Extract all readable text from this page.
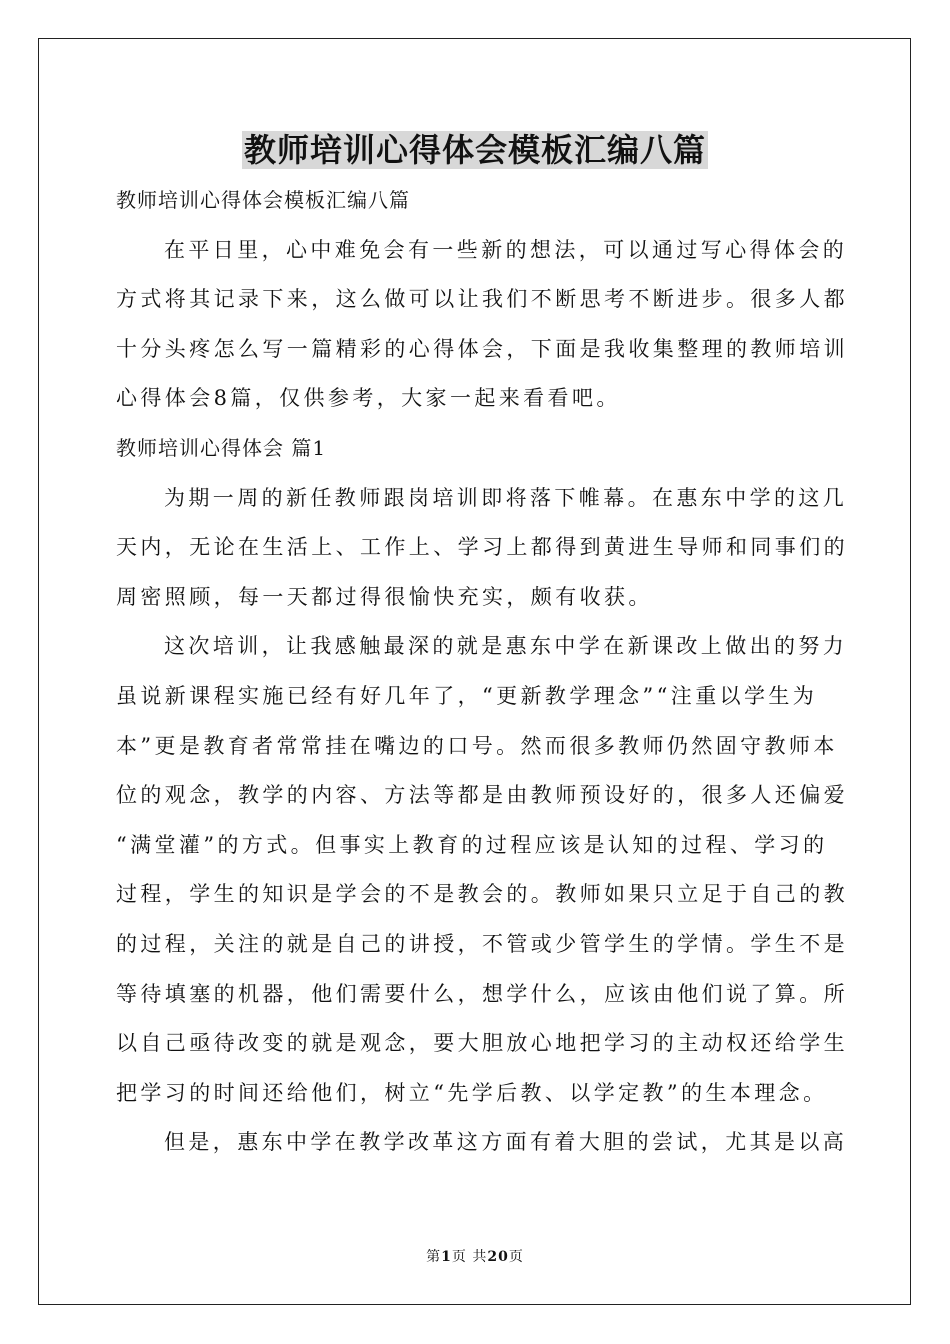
教师培训心得体会模板汇编八篇

教师培训心得体会模板汇编八篇

在平日里，心中难免会有一些新的想法，可以通过写心得体会的

方式将其记录下来，这么做可以让我们不断思考不断进步。很多人都

十分头疼怎么写一篇精彩的心得体会，下面是我收集整理的教师培训

心得体会8篇，仅供参考，大家一起来看看吧。

教师培训心得体会 篇1

为期一周的新任教师跟岗培训即将落下帷幕。在惠东中学的这几

天内，无论在生活上、工作上、学习上都得到黄进生导师和同事们的

周密照顾，每一天都过得很愉快充实，颇有收获。

这次培训，让我感触最深的就是惠东中学在新课改上做出的努力

虽说新课程实施已经有好几年了，“更新教学理念”“注重以学生为

本”更是教育者常常挂在嘴边的口号。然而很多教师仍然固守教师本

位的观念，教学的内容、方法等都是由教师预设好的，很多人还偏爱

“满堂灌”的方式。但事实上教育的过程应该是认知的过程、学习的

过程，学生的知识是学会的不是教会的。教师如果只立足于自己的教

的过程，关注的就是自己的讲授，不管或少管学生的学情。学生不是

等待填塞的机器，他们需要什么，想学什么，应该由他们说了算。所

以自己亟待改变的就是观念，要大胆放心地把学习的主动权还给学生

把学习的时间还给他们，树立“先学后教、以学定教”的生本理念。

但是，惠东中学在教学改革这方面有着大胆的尝试，尤其是以高

第1页 共20页
